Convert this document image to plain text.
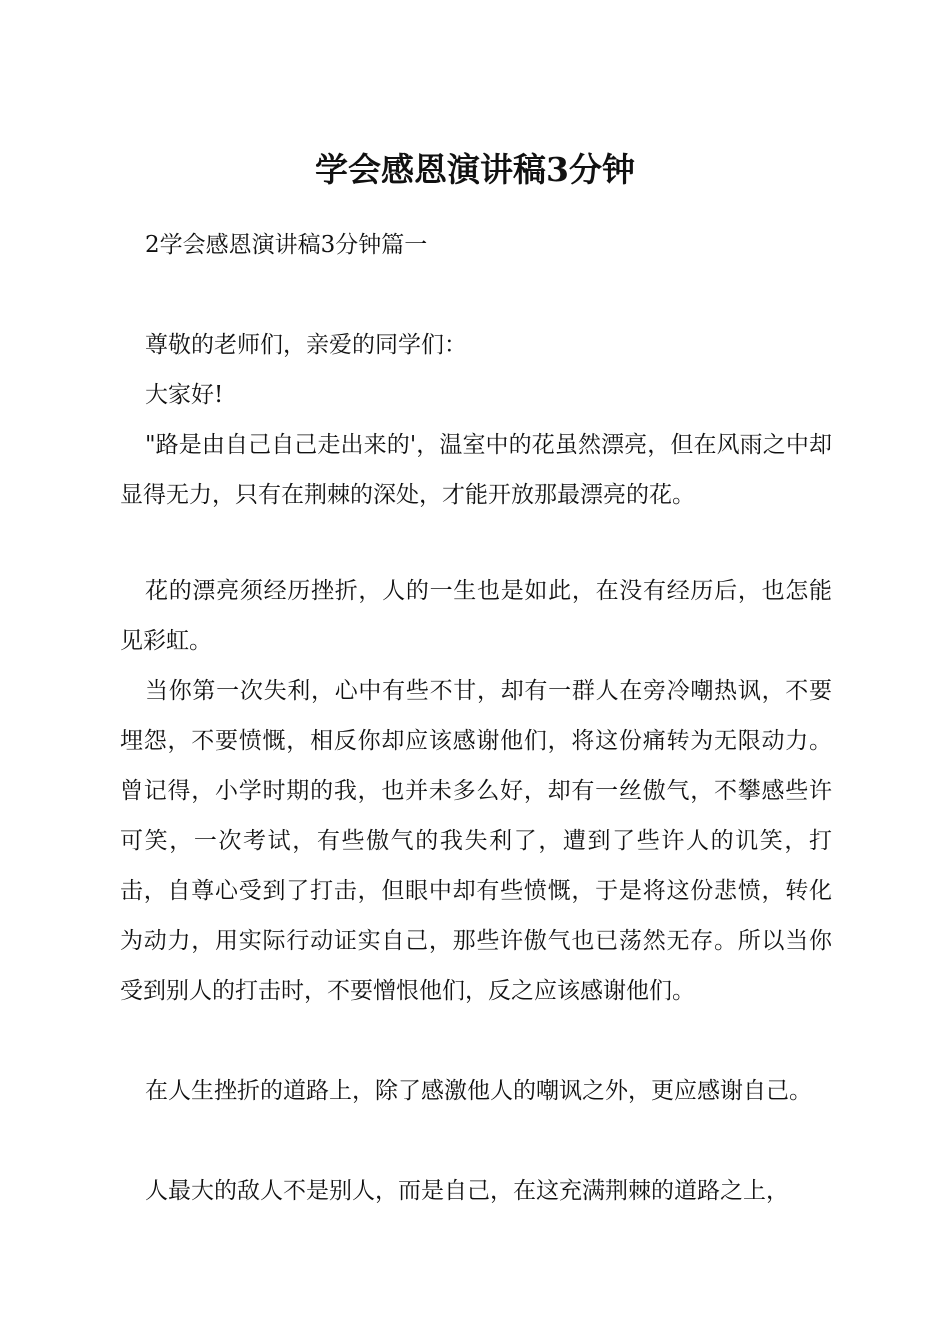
学会感恩演讲稿3分钟

2学会感恩演讲稿3分钟篇一

尊敬的老师们，亲爱的同学们：

大家好!

"路是由自己自己走出来的'，温室中的花虽然漂亮，但在风雨之中却显得无力，只有在荆棘的深处，才能开放那最漂亮的花。

花的漂亮须经历挫折，人的一生也是如此，在没有经历后，也怎能见彩虹。

当你第一次失利，心中有些不甘，却有一群人在旁冷嘲热讽，不要埋怨，不要愤慨，相反你却应该感谢他们，将这份痛转为无限动力。曾记得，小学时期的我，也并未多么好，却有一丝傲气，不攀感些许可笑，一次考试，有些傲气的我失利了，遭到了些许人的讥笑，打击，自尊心受到了打击，但眼中却有些愤慨，于是将这份悲愤，转化为动力，用实际行动证实自己，那些许傲气也已荡然无存。所以当你受到别人的打击时，不要憎恨他们，反之应该感谢他们。

在人生挫折的道路上，除了感激他人的嘲讽之外，更应感谢自己。

人最大的敌人不是别人，而是自己，在这充满荆棘的道路之上，
